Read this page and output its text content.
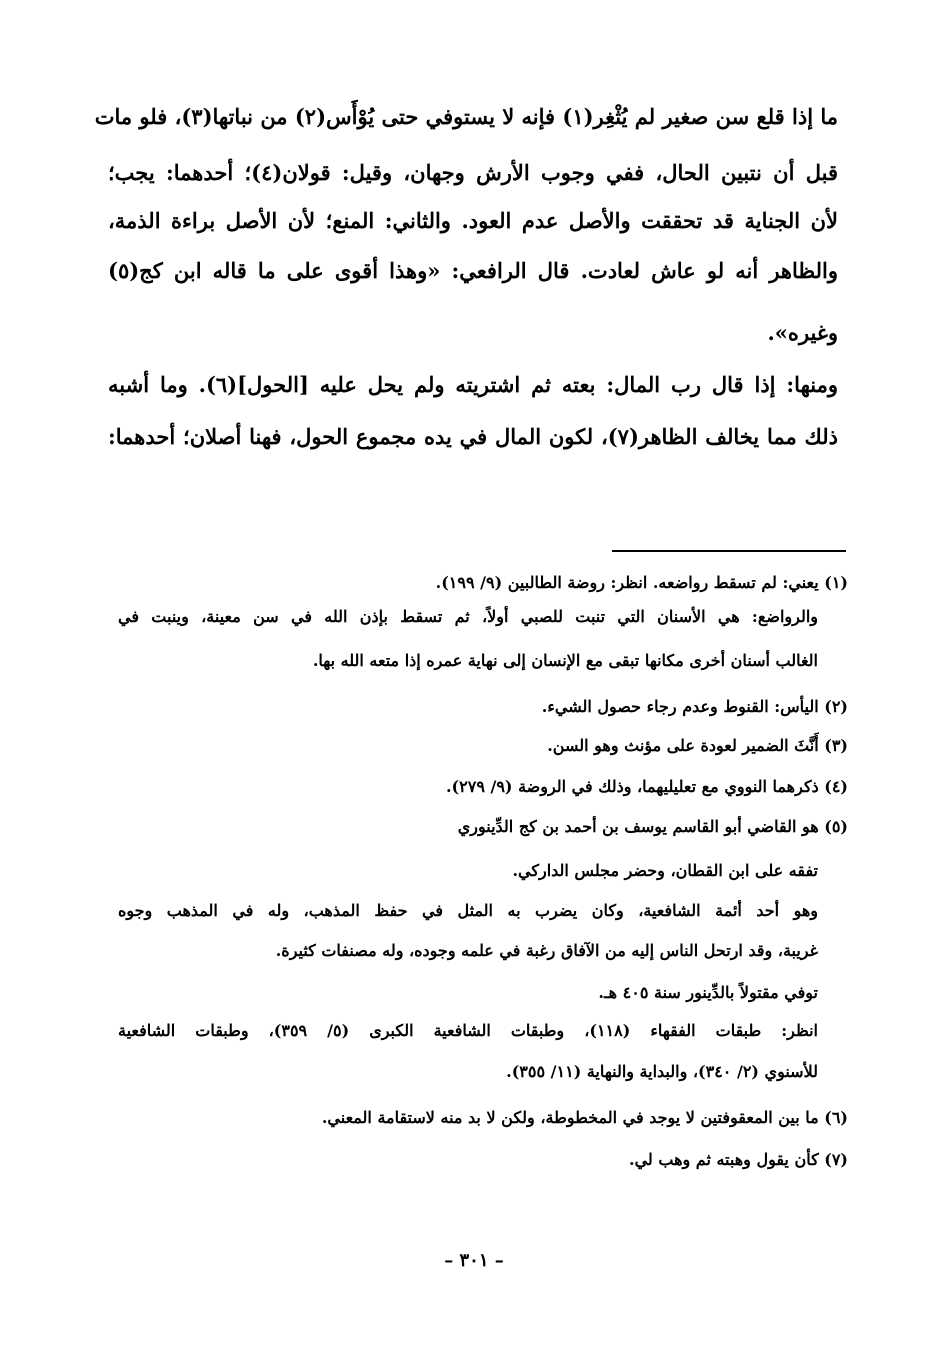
ما إذا قلع سن صغير لم يُثْغِر(١) فإنه لا يستوفي حتى يُوْأَس(٢) من نباتها(٣)، فلو مات
قبل أن نتبين الحال، ففي وجوب الأرش وجهان، وقيل: قولان(٤)؛ أحدهما: يجب؛
لأن الجناية قد تحققت والأصل عدم العود. والثاني: المنع؛ لأن الأصل براءة الذمة،
والظاهر أنه لو عاش لعادت. قال الرافعي: «وهذا أقوى على ما قاله ابن كج(٥)
وغيره».
ومنها: إذا قال رب المال: بعته ثم اشتريته ولم يحل عليه [الحول](٦). وما أشبه
ذلك مما يخالف الظاهر(٧)، لكون المال في يده مجموع الحول، فهنا أصلان؛ أحدهما:
(١) يعني: لم تسقط رواضعه. انظر: روضة الطالبين (٩/ ١٩٩).
والرواضع: هي الأسنان التي تنبت للصبي أولاً، ثم تسقط بإذن الله في سن معينة، وينبت في
الغالب أسنان أخرى مكانها تبقى مع الإنسان إلى نهاية عمره إذا متعه الله بها.
(٢) اليأس: القنوط وعدم رجاء حصول الشيء.
(٣) أَنَّثَ الضمير لعودة على مؤنث وهو السن.
(٤) ذكرهما النووي مع تعليليهما، وذلك في الروضة (٩/ ٢٧٩).
(٥) هو القاضي أبو القاسم يوسف بن أحمد بن كج الدِّينوري
تفقه على ابن القطان، وحضر مجلس الداركي.
وهو أحد أئمة الشافعية، وكان يضرب به المثل في حفظ المذهب، وله في المذهب وجوه
غريبة، وقد ارتحل الناس إليه من الآفاق رغبة في علمه وجوده، وله مصنفات كثيرة.
توفي مقتولاً بالدِّينور سنة ٤٠٥ هـ.
انظر: طبقات الفقهاء (١١٨)، وطبقات الشافعية الكبرى (٥/ ٣٥٩)، وطبقات الشافعية
للأسنوي (٢/ ٣٤٠)، والبداية والنهاية (١١/ ٣٥٥).
(٦) ما بين المعقوفتين لا يوجد في المخطوطة، ولكن لا بد منه لاستقامة المعني.
(٧) كأن يقول وهبته ثم وهب لي.
– ٣٠١ –
